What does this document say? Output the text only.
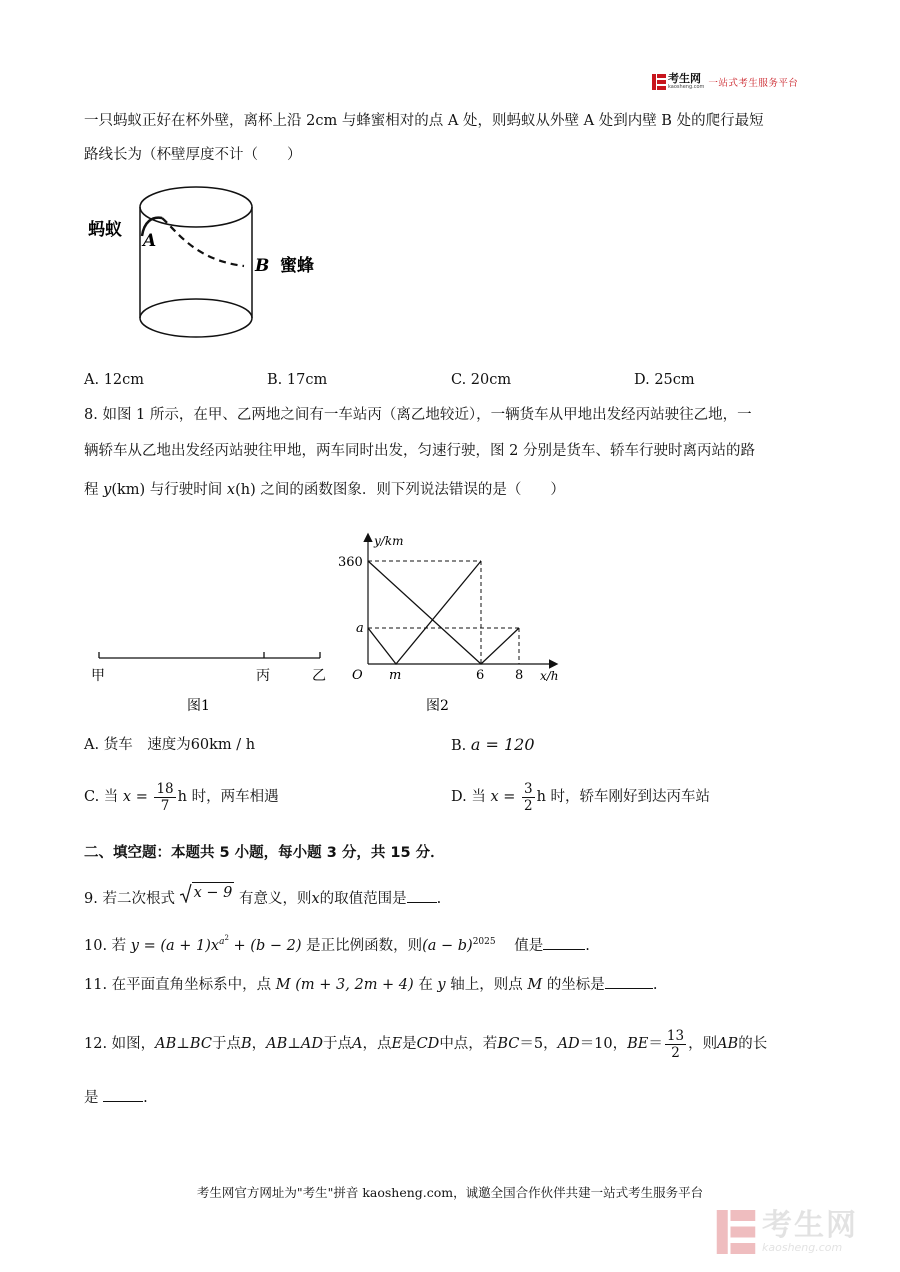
考生网
kaosheng.com 一站式考生服务平台
一只蚂蚁正好在杯外壁，离杯上沿 2cm 与蜂蜜相对的点 A 处，则蚂蚁从外壁 A 处到内壁 B 处的爬行最短
路线长为（杯壁厚度不计（　　）
蚂蚁
A
B 蜜蜂
A. 12cm	B. 17cm	C. 20cm	D. 25cm
8. 如图 1 所示，在甲、乙两地之间有一车站丙（离乙地较近），一辆货车从甲地出发经丙站驶往乙地，一
辆轿车从乙地出发经丙站驶往甲地，两车同时出发，匀速行驶，图 2 分别是货车、轿车行驶时离丙站的路
程 y(km) 与行驶时间 x(h) 之间的函数图象．则下列说法错误的是（　　）
甲	丙	乙
图1
y/km
360
a
O m	6 8 x/h
图2
A. 货车　速度为60km / h	B. a = 120
C. 当 $x = \frac{18}{7}$ h 时，两车相遇	D. 当 $x = \frac{3}{2}$ h 时，轿车刚好到达丙车站
二、填空题：本题共 5 小题，每小题 3 分，共 15 分．
9. 若二次根式 x − 9 有意义，则x的取值范围是 .
10. 若 $y = (a + 1)x^{a^2} + (b - 2)$ 是正比例函数，则$(a - b)^{2025}$ 值是	.
11. 在平面直角坐标系中，点 M (m + 3, 2m + 4) 在 y 轴上，则点 M 的坐标是	.
12. 如图，AB⊥BC于点B，AB⊥AD于点A，点E是CD中点，若BC＝5，AD＝10，$BE= \frac{13}{2}$ ，则AB的长
是	.
考生网官方网址为"考生"拼音 kaosheng.com，诚邀全国合作伙伴共建一站式考生服务平台
考生网
kaosheng.com
